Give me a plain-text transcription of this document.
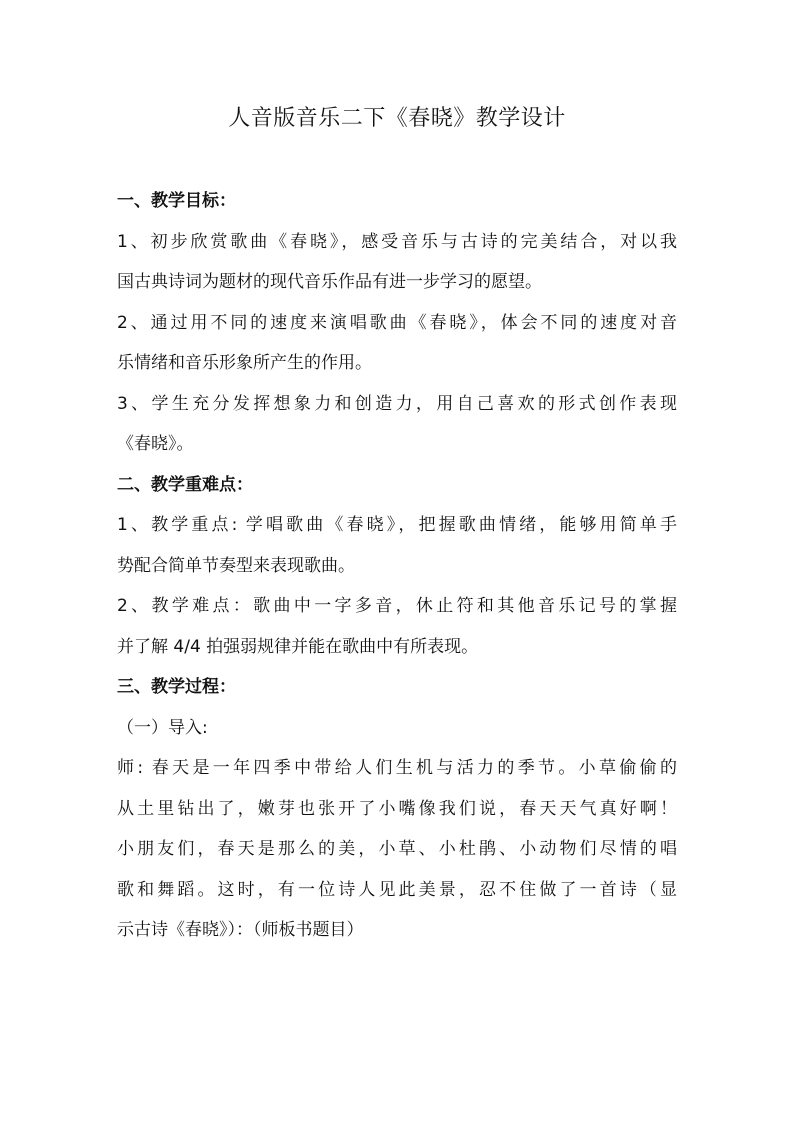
人音版音乐二下《春晓》教学设计
一、教学目标：
1、初步欣赏歌曲《春晓》，感受音乐与古诗的完美结合，对以我
国古典诗词为题材的现代音乐作品有进一步学习的愿望。
2、通过用不同的速度来演唱歌曲《春晓》，体会不同的速度对音
乐情绪和音乐形象所产生的作用。
3、学生充分发挥想象力和创造力，用自己喜欢的形式创作表现
《春晓》。
二、教学重难点：
1、教学重点: 学唱歌曲《春晓》，把握歌曲情绪，能够用简单手
势配合简单节奏型来表现歌曲。
2、教学难点：歌曲中一字多音，休止符和其他音乐记号的掌握
并了解 4/4 拍强弱规律并能在歌曲中有所表现。
三、教学过程：
（一）导入:
师: 春天是一年四季中带给人们生机与活力的季节。小草偷偷的
从土里钻出了，嫩芽也张开了小嘴像我们说，春天天气真好啊！
小朋友们，春天是那么的美，小草、小杜鹃、小动物们尽情的唱
歌和舞蹈。这时，有一位诗人见此美景，忍不住做了一首诗（显
示古诗《春晓》）：（师板书题目）
